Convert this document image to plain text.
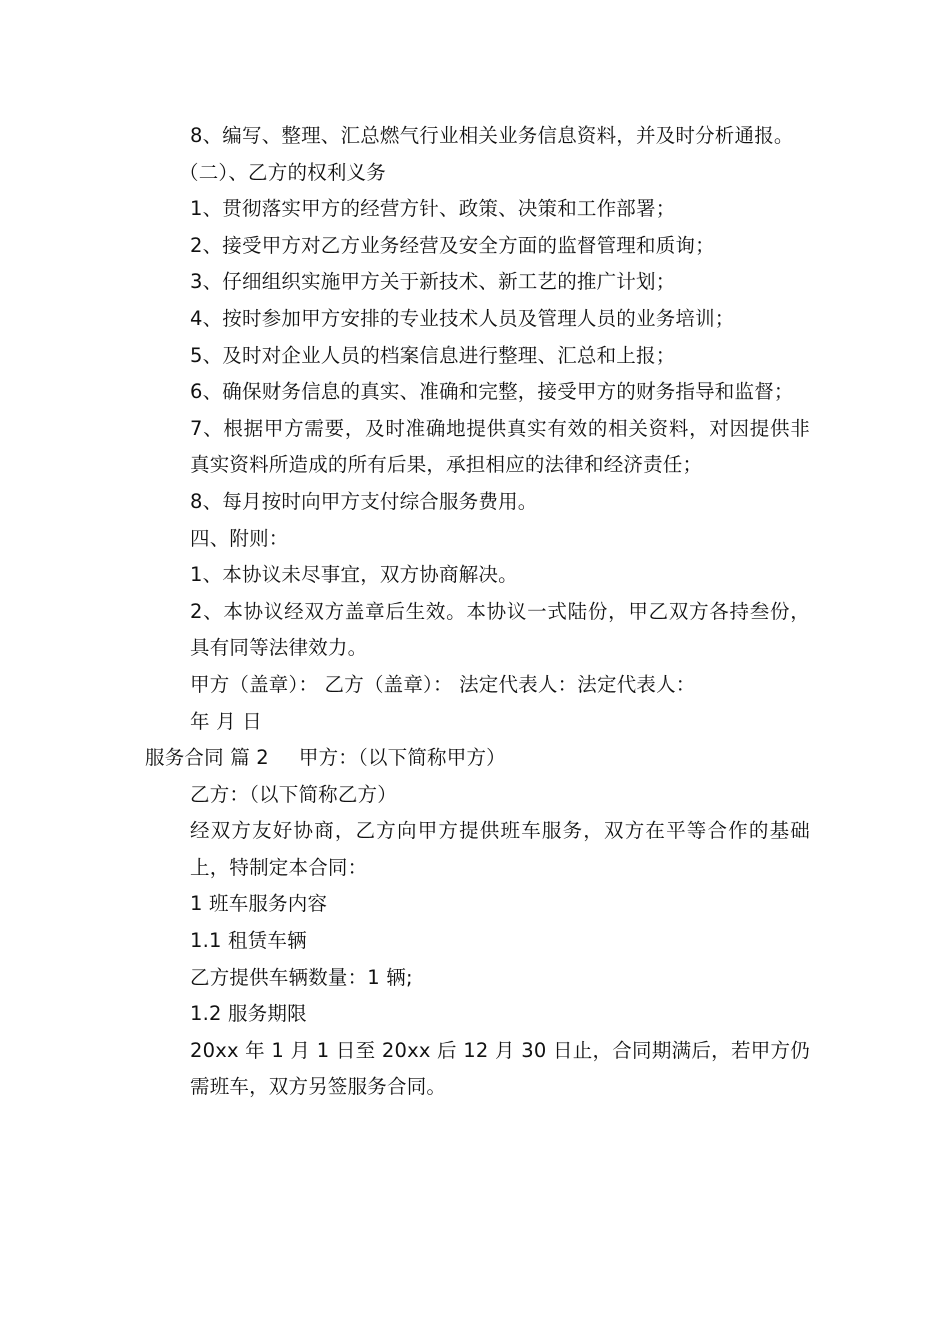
8、编写、整理、汇总燃气行业相关业务信息资料，并及时分析通报。

（二）、乙方的权利义务

1、贯彻落实甲方的经营方针、政策、决策和工作部署；

2、接受甲方对乙方业务经营及安全方面的监督管理和质询；

3、仔细组织实施甲方关于新技术、新工艺的推广计划；

4、按时参加甲方安排的专业技术人员及管理人员的业务培训；

5、及时对企业人员的档案信息进行整理、汇总和上报；

6、确保财务信息的真实、准确和完整，接受甲方的财务指导和监督；

7、根据甲方需要，及时准确地提供真实有效的相关资料，对因提供非真实资料所造成的所有后果，承担相应的法律和经济责任；

8、每月按时向甲方支付综合服务费用。

四、附则：

1、本协议未尽事宜，双方协商解决。

2、本协议经双方盖章后生效。本协议一式陆份，甲乙双方各持叁份，具有同等法律效力。

甲方（盖章）： 乙方（盖章）： 法定代表人：法定代表人：

年 月 日

服务合同 篇 2 甲方：（以下简称甲方）

乙方：（以下简称乙方）

经双方友好协商，乙方向甲方提供班车服务，双方在平等合作的基础上，特制定本合同：

1 班车服务内容

1.1 租赁车辆

乙方提供车辆数量：1 辆;

1.2 服务期限

20xx 年 1 月 1 日至 20xx 后 12 月 30 日止，合同期满后，若甲方仍需班车，双方另签服务合同。
